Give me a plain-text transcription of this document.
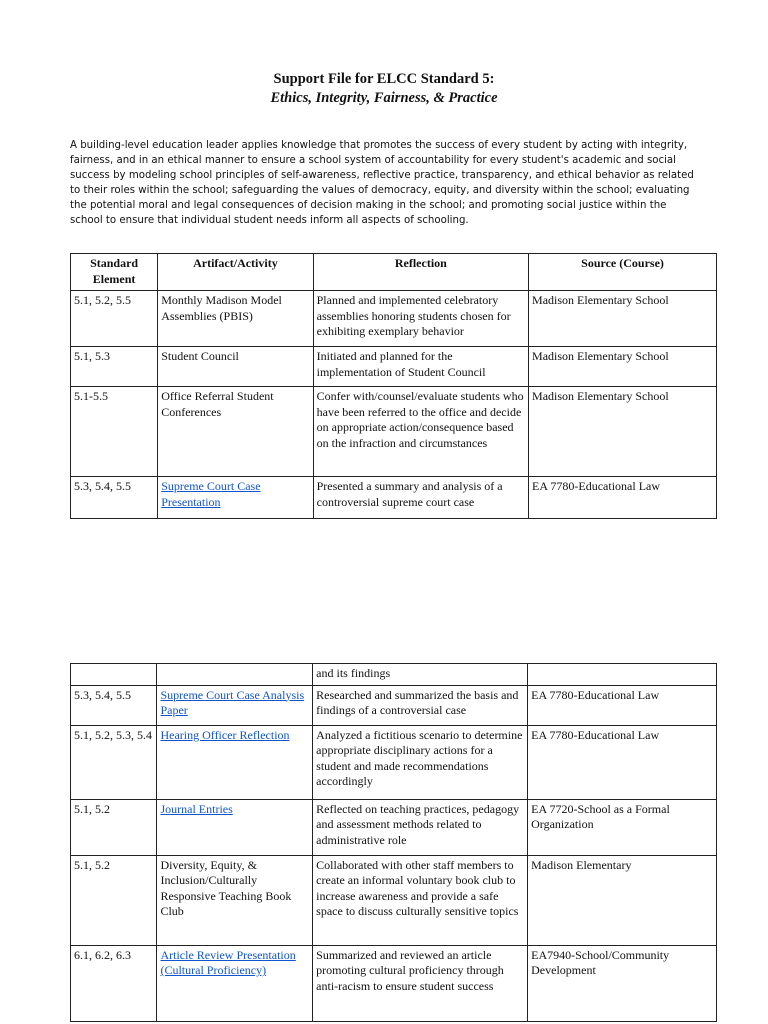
Support File for ELCC Standard 5:
Ethics, Integrity, Fairness, & Practice
A building-level education leader applies knowledge that promotes the success of every student by acting with integrity, fairness, and in an ethical manner to ensure a school system of accountability for every student's academic and social success by modeling school principles of self-awareness, reflective practice, transparency, and ethical behavior as related to their roles within the school; safeguarding the values of democracy, equity, and diversity within the school; evaluating the potential moral and legal consequences of decision making in the school; and promoting social justice within the school to ensure that individual student needs inform all aspects of schooling.
Standard Element	Artifact/Activity	Reflection	Source (Course)
5.1, 5.2, 5.5	Monthly Madison Model Assemblies (PBIS)	Planned and implemented celebratory assemblies honoring students chosen for exhibiting exemplary behavior	Madison Elementary School
5.1, 5.3	Student Council	Initiated and planned for the implementation of Student Council	Madison Elementary School
5.1-5.5	Office Referral Student Conferences	Confer with/counsel/evaluate students who have been referred to the office and decide on appropriate action/consequence based on the infraction and circumstances	Madison Elementary School
5.3, 5.4, 5.5	Supreme Court Case Presentation	Presented a summary and analysis of a controversial supreme court case	EA 7780-Educational Law
		and its findings	
5.3, 5.4, 5.5	Supreme Court Case Analysis Paper	Researched and summarized the basis and findings of a controversial case	EA 7780-Educational Law
5.1, 5.2, 5.3, 5.4	Hearing Officer Reflection	Analyzed a fictitious scenario to determine appropriate disciplinary actions for a student and made recommendations accordingly	EA 7780-Educational Law
5.1, 5.2	Journal Entries	Reflected on teaching practices, pedagogy and assessment methods related to administrative role	EA 7720-School as a Formal Organization
5.1, 5.2	Diversity, Equity, & Inclusion/Culturally Responsive Teaching Book Club	Collaborated with other staff members to create an informal voluntary book club to increase awareness and provide a safe space to discuss culturally sensitive topics	Madison Elementary
6.1, 6.2, 6.3	Article Review Presentation (Cultural Proficiency)	Summarized and reviewed an article promoting cultural proficiency through anti-racism to ensure student success	EA7940-School/Community Development
